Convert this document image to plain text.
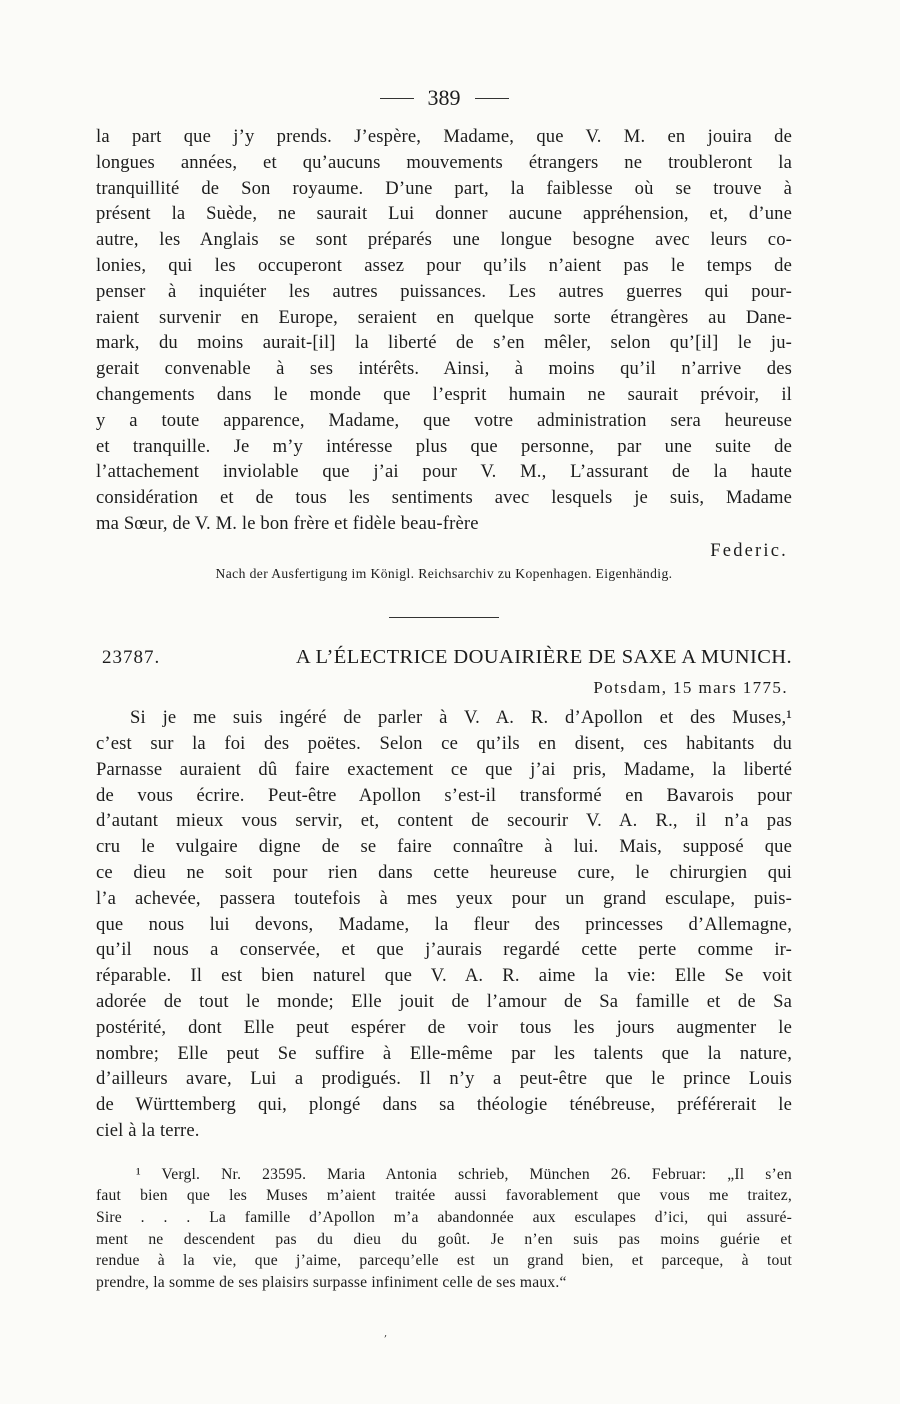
389
la part que j’y prends. J’espère, Madame, que V. M. en jouira de
longues années, et qu’aucuns mouvements étrangers ne troubleront la
tranquillité de Son royaume. D’une part, la faiblesse où se trouve à
présent la Suède, ne saurait Lui donner aucune appréhension, et, d’une
autre, les Anglais se sont préparés une longue besogne avec leurs co-
lonies, qui les occuperont assez pour qu’ils n’aient pas le temps de
penser à inquiéter les autres puissances. Les autres guerres qui pour-
raient survenir en Europe, seraient en quelque sorte étrangères au Dane-
mark, du moins aurait-[il] la liberté de s’en mêler, selon qu’[il] le ju-
gerait convenable à ses intérêts. Ainsi, à moins qu’il n’arrive des
changements dans le monde que l’esprit humain ne saurait prévoir, il
y a toute apparence, Madame, que votre administration sera heureuse
et tranquille. Je m’y intéresse plus que personne, par une suite de
l’attachement inviolable que j’ai pour V. M., L’assurant de la haute
considération et de tous les sentiments avec lesquels je suis, Madame
ma Sœur, de V. M. le bon frère et fidèle beau-frère
Federic.
Nach der Ausfertigung im Königl. Reichsarchiv zu Kopenhagen. Eigenhändig.
23787.	A L’ÉLECTRICE DOUAIRIÈRE DE SAXE A MUNICH.
Potsdam, 15 mars 1775.
Si je me suis ingéré de parler à V. A. R. d’Apollon et des Muses,¹
c’est sur la foi des poëtes. Selon ce qu’ils en disent, ces habitants du
Parnasse auraient dû faire exactement ce que j’ai pris, Madame, la liberté
de vous écrire. Peut-être Apollon s’est-il transformé en Bavarois pour
d’autant mieux vous servir, et, content de secourir V. A. R., il n’a pas
cru le vulgaire digne de se faire connaître à lui. Mais, supposé que
ce dieu ne soit pour rien dans cette heureuse cure, le chirurgien qui
l’a achevée, passera toutefois à mes yeux pour un grand esculape, puis-
que nous lui devons, Madame, la fleur des princesses d’Allemagne,
qu’il nous a conservée, et que j’aurais regardé cette perte comme ir-
réparable. Il est bien naturel que V. A. R. aime la vie: Elle Se voit
adorée de tout le monde; Elle jouit de l’amour de Sa famille et de Sa
postérité, dont Elle peut espérer de voir tous les jours augmenter le
nombre; Elle peut Se suffire à Elle-même par les talents que la nature,
d’ailleurs avare, Lui a prodigués. Il n’y a peut-être que le prince Louis
de Württemberg qui, plongé dans sa théologie ténébreuse, préférerait le
ciel à la terre.
¹ Vergl. Nr. 23595. Maria Antonia schrieb, München 26. Februar: „Il s’en
faut bien que les Muses m’aient traitée aussi favorablement que vous me traitez,
Sire . . . La famille d’Apollon m’a abandonnée aux esculapes d’ici, qui assuré-
ment ne descendent pas du dieu du goût. Je n’en suis pas moins guérie et
rendue à la vie, que j’aime, parcequ’elle est un grand bien, et parceque, à tout
prendre, la somme de ses plaisirs surpasse infiniment celle de ses maux.“
,
